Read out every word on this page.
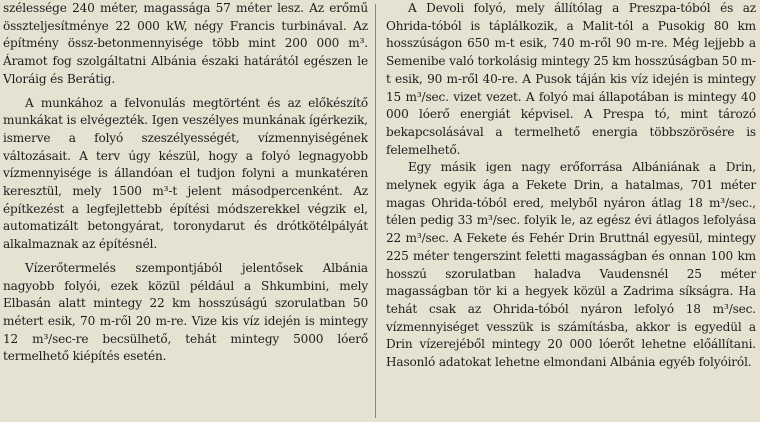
szélessége 240 méter, magassága 57 méter lesz. Az erőmű összteljesítménye 22 000 kW, négy Francis turbinával. Az építmény össz-betonmennyisége több mint 200 000 m³. Áramot fog szolgáltatni Albánia északi határától egészen le Vloráig és Berátig.

A munkához a felvonulás megtörtént és az előkészítő munkákat is elvégezték. Igen veszélyes munkának ígérkezik, ismerve a folyó szeszélyességét, vízmennyiségének változásait. A terv úgy készül, hogy a folyó legnagyobb vízmennyisége is állandóan el tudjon folyni a munkatéren keresztül, mely 1500 m³-t jelent másodpercenként. Az építkezést a legfejlettebb építési módszerekkel végzik el, automatizált betongyárat, toronydarut és drótkötélpályát alkalmaznak az építésnél.

Vízerőtermelés szempontjából jelentősek Albánia nagyobb folyói, ezek közül például a Shkumbini, mely Elbasán alatt mintegy 22 km hosszúságú szorulatban 50 métert esik, 70 m-ről 20 m-re. Vize kis víz idején is mintegy 12 m³/sec-re becsülhető, tehát mintegy 5000 lóerő termelhető kiépítés esetén.

A Devoli folyó, mely állítólag a Preszpa-tóból és az Ohrida-tóból is táplálkozik, a Malit-tól a Pusokig 80 km hosszúságon 650 m-t esik, 740 m-ről 90 m-re. Még lejjebb a Semenibe való torkolásig mintegy 25 km hosszúságban 50 m-t esik, 90 m-ről 40-re. A Pusok táján kis víz idején is mintegy 15 m³/sec. vizet vezet. A folyó mai állapotában is mintegy 40 000 lóerő energiát képvisel. A Prespa tó, mint tározó bekapcsolásával a termelhető energia többszörösére is felemelhető.

Egy másik igen nagy erőforrása Albániának a Drin, melynek egyik ága a Fekete Drin, a hatalmas, 701 méter magas Ohrida-tóból ered, melyből nyáron átlag 18 m³/sec., télen pedig 33 m³/sec. folyik le, az egész évi átlagos lefolyása 22 m³/sec. A Fekete és Fehér Drin Bruttnál egyesül, mintegy 225 méter tengerszint feletti magasságban és onnan 100 km hosszú szorulatban haladva Vaudensnél 25 méter magasságban tör ki a hegyek közül a Zadrima síkságra. Ha tehát csak az Ohrida-tóból nyáron lefolyó 18 m³/sec. vízmennyiséget vesszük is számításba, akkor is egyedül a Drin vízerejéből mintegy 20 000 lóerőt lehetne előállítani. Hasonló adatokat lehetne elmondani Albánia egyéb folyóiról.
